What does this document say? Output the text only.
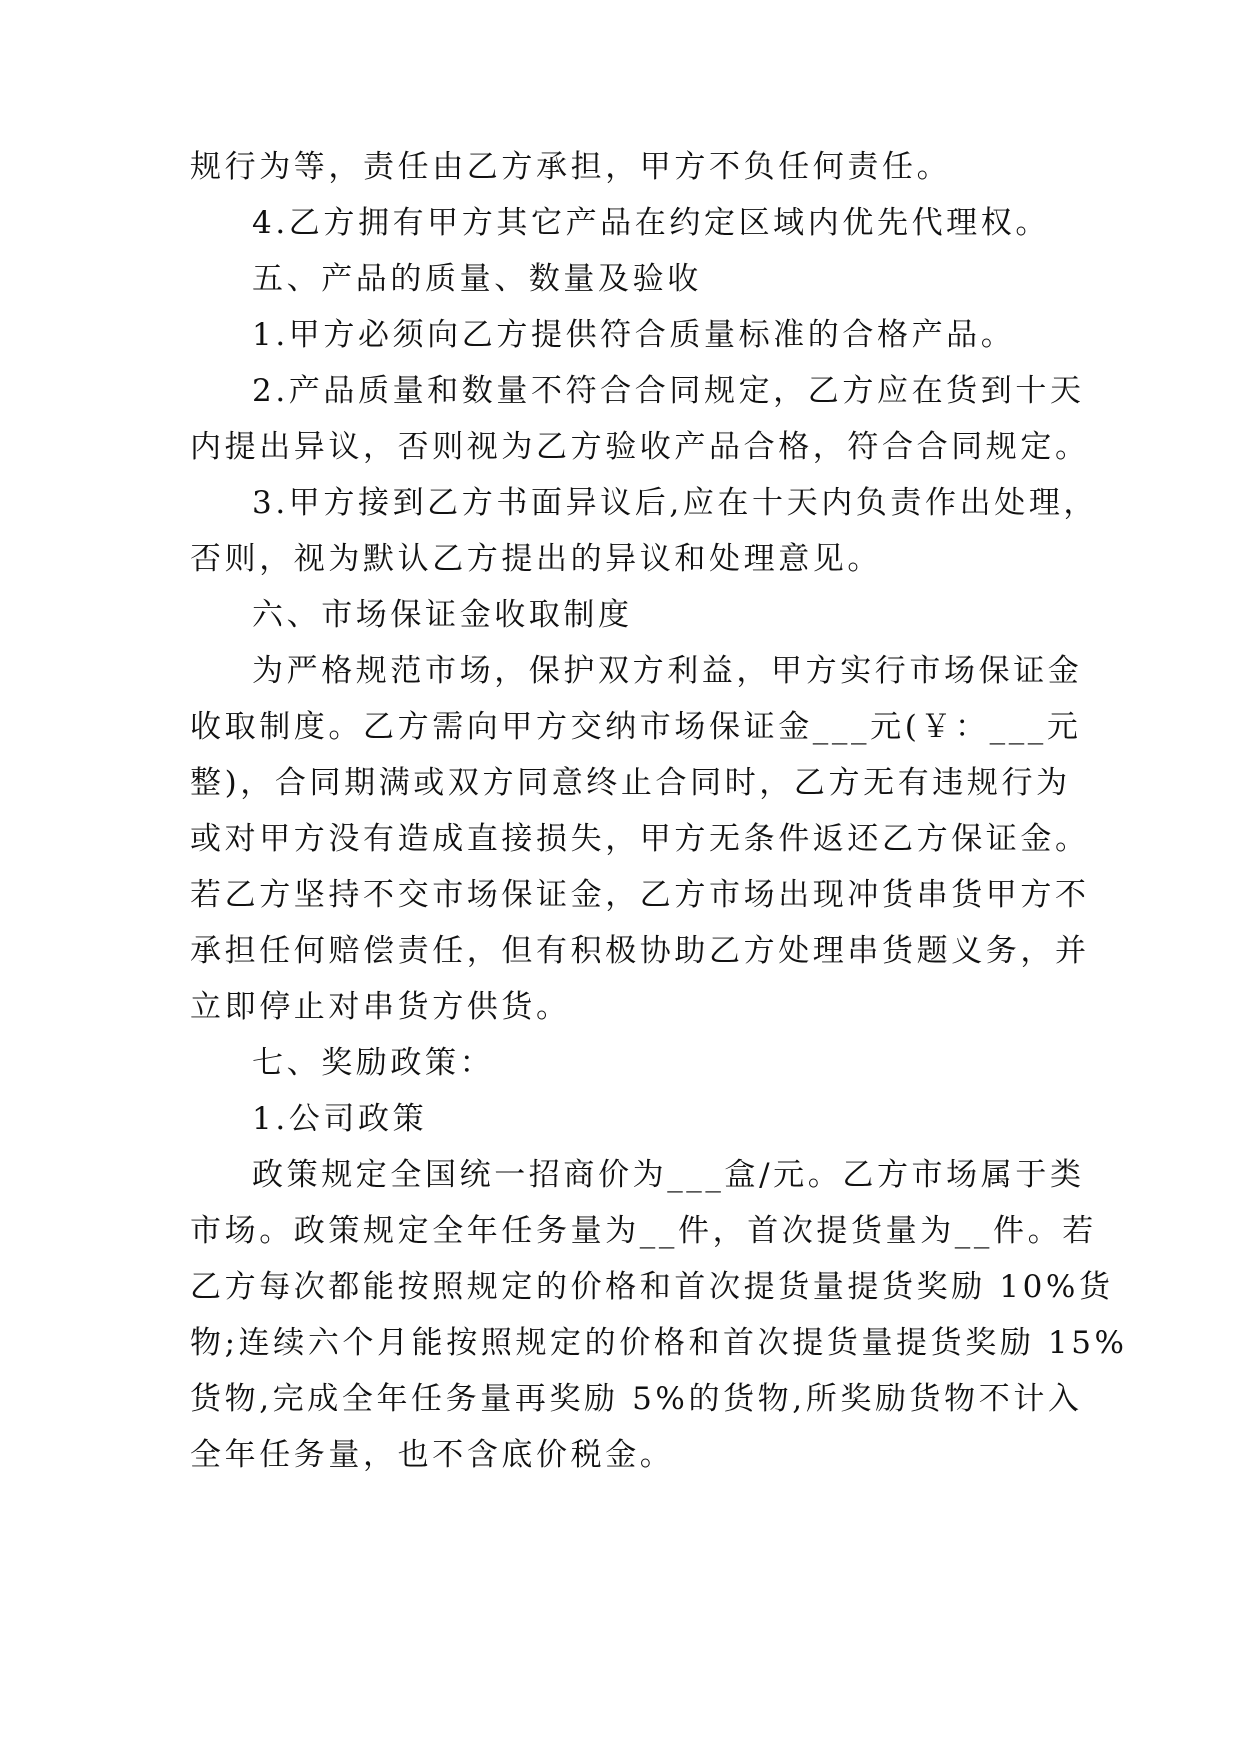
规行为等，责任由乙方承担，甲方不负任何责任。
4.乙方拥有甲方其它产品在约定区域内优先代理权。
五、产品的质量、数量及验收
1.甲方必须向乙方提供符合质量标准的合格产品。
2.产品质量和数量不符合合同规定，乙方应在货到十天
内提出异议，否则视为乙方验收产品合格，符合合同规定。
3.甲方接到乙方书面异议后,应在十天内负责作出处理，
否则，视为默认乙方提出的异议和处理意见。
六、市场保证金收取制度
为严格规范市场，保护双方利益，甲方实行市场保证金
收取制度。乙方需向甲方交纳市场保证金___元(￥：___元
整)，合同期满或双方同意终止合同时，乙方无有违规行为
或对甲方没有造成直接损失，甲方无条件返还乙方保证金。
若乙方坚持不交市场保证金，乙方市场出现冲货串货甲方不
承担任何赔偿责任，但有积极协助乙方处理串货题义务，并
立即停止对串货方供货。
七、奖励政策：
1.公司政策
政策规定全国统一招商价为___盒/元。乙方市场属于类
市场。政策规定全年任务量为__件，首次提货量为__件。若
乙方每次都能按照规定的价格和首次提货量提货奖励 10%货
物;连续六个月能按照规定的价格和首次提货量提货奖励 15%
货物,完成全年任务量再奖励 5%的货物,所奖励货物不计入
全年任务量，也不含底价税金。
